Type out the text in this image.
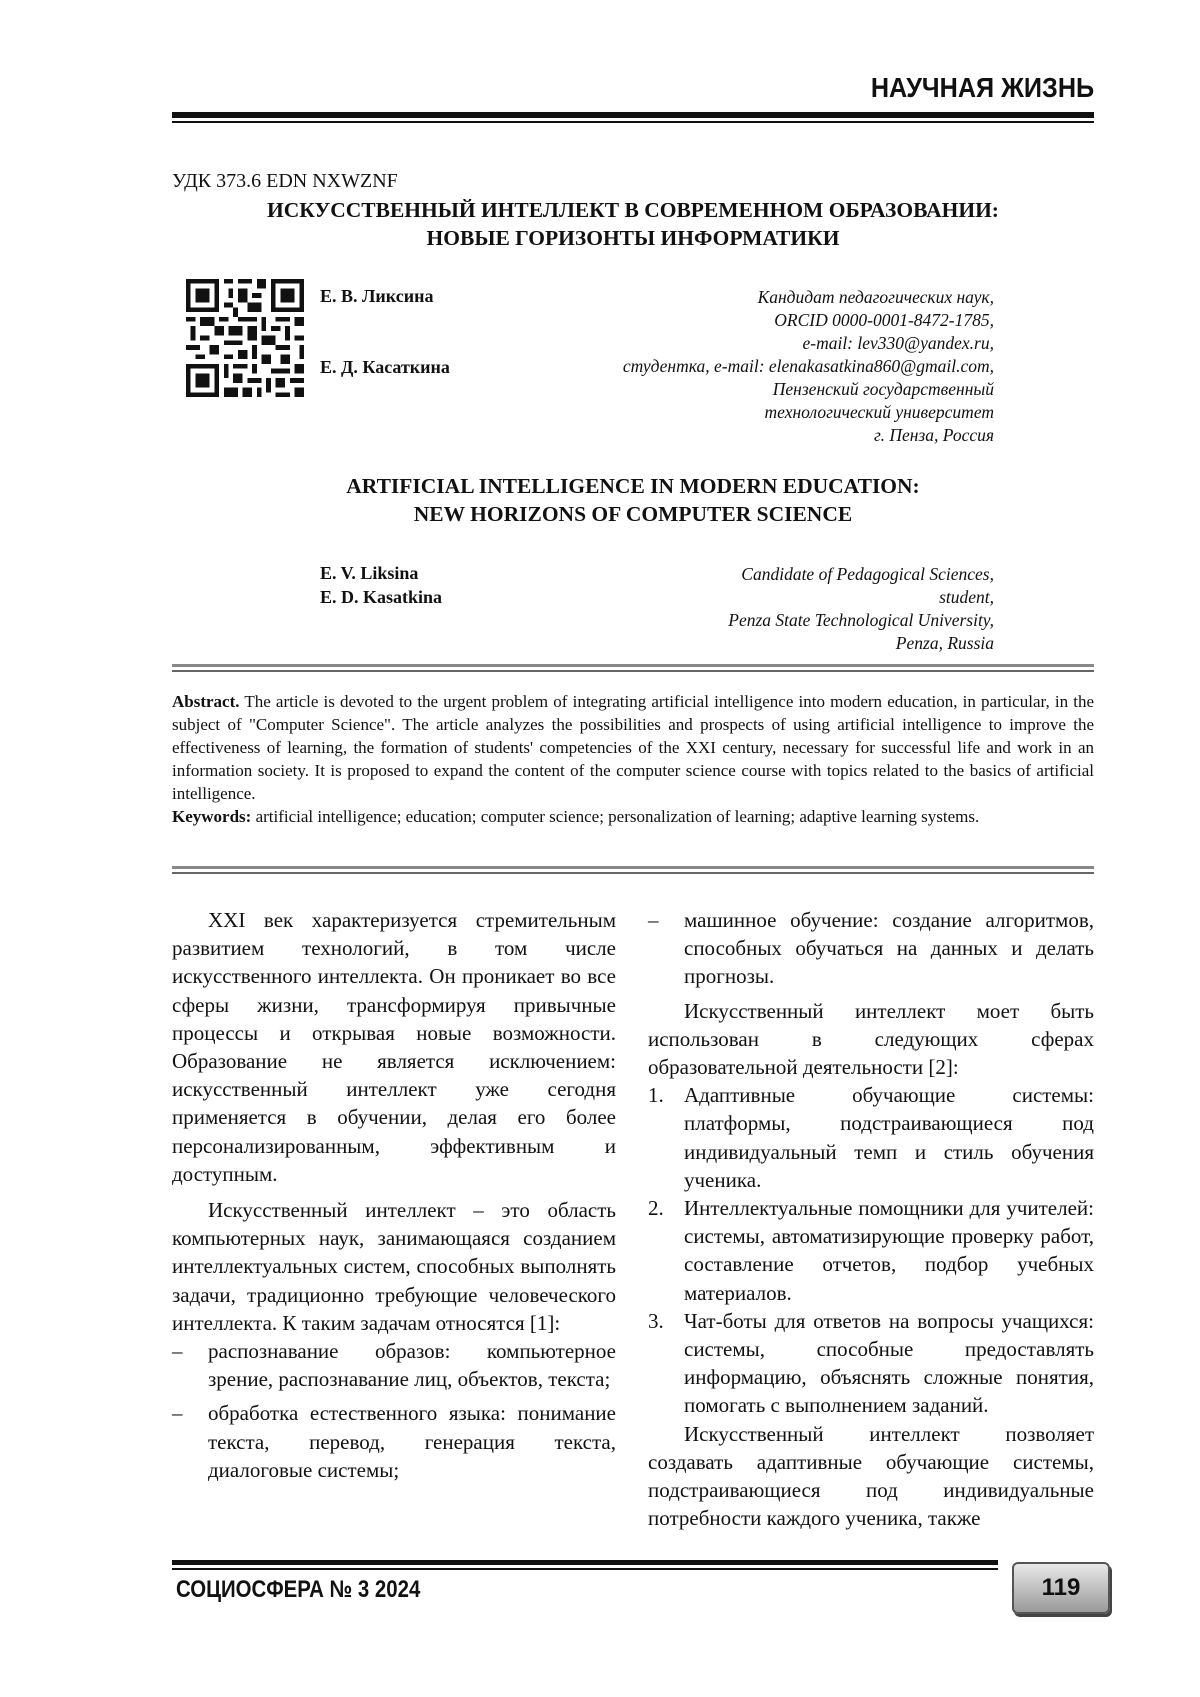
НАУЧНАЯ ЖИЗНЬ
УДК 373.6 EDN NXWZNF
ИСКУССТВЕННЫЙ ИНТЕЛЛЕКТ В СОВРЕМЕННОМ ОБРАЗОВАНИИ:
НОВЫЕ ГОРИЗОНТЫ ИНФОРМАТИКИ
Е. В. Ликсина
Е. Д. Касаткина
Кандидат педагогических наук,
ORCID 0000-0001-8472-1785,
e-mail: lev330@yandex.ru,
студентка, e-mail: elenakasatkina860@gmail.com,
Пензенский государственный
технологический университет
г. Пенза, Россия
ARTIFICIAL INTELLIGENCE IN MODERN EDUCATION:
NEW HORIZONS OF COMPUTER SCIENCE
E. V. Liksina
E. D. Kasatkina
Candidate of Pedagogical Sciences,
student,
Penza State Technological University,
Penza, Russia
Abstract. The article is devoted to the urgent problem of integrating artificial intelligence into modern education, in particular, in the subject of "Computer Science". The article analyzes the possibilities and prospects of using artificial intelligence to improve the effectiveness of learning, the formation of students' competencies of the XXI century, necessary for successful life and work in an information society. It is proposed to expand the content of the computer science course with topics related to the basics of artificial intelligence.
Keywords: artificial intelligence; education; computer science; personalization of learning; adaptive learning systems.

XXI век характеризуется стремительным развитием технологий, в том числе искусственного интеллекта. Он проникает во все сферы жизни, трансформируя привычные процессы и открывая новые возможности. Образование не является исключением: искусственный интеллект уже сегодня применяется в обучении, делая его более персонализированным, эффективным и доступным.

Искусственный интеллект – это область компьютерных наук, занимающаяся созданием интеллектуальных систем, способных выполнять задачи, традиционно требующие человеческого интеллекта. К таким задачам относятся [1]:

– распознавание образов: компьютерное зрение, распознавание лиц, объектов, текста;

– обработка естественного языка: понимание текста, перевод, генерация текста, диалоговые системы;

– машинное обучение: создание алгоритмов, способных обучаться на данных и делать прогнозы.

Искусственный интеллект моет быть использован в следующих сферах образовательной деятельности [2]:

1. Адаптивные обучающие системы: платформы, подстраивающиеся под индивидуальный темп и стиль обучения ученика.

2. Интеллектуальные помощники для учителей: системы, автоматизирующие проверку работ, составление отчетов, подбор учебных материалов.

3. Чат-боты для ответов на вопросы учащихся: системы, способные предоставлять информацию, объяснять сложные понятия, помогать с выполнением заданий.

Искусственный интеллект позволяет создавать адаптивные обучающие системы, подстраивающиеся под индивидуальные потребности каждого ученика, также

СОЦИОСФЕРА № 3 2024	119
